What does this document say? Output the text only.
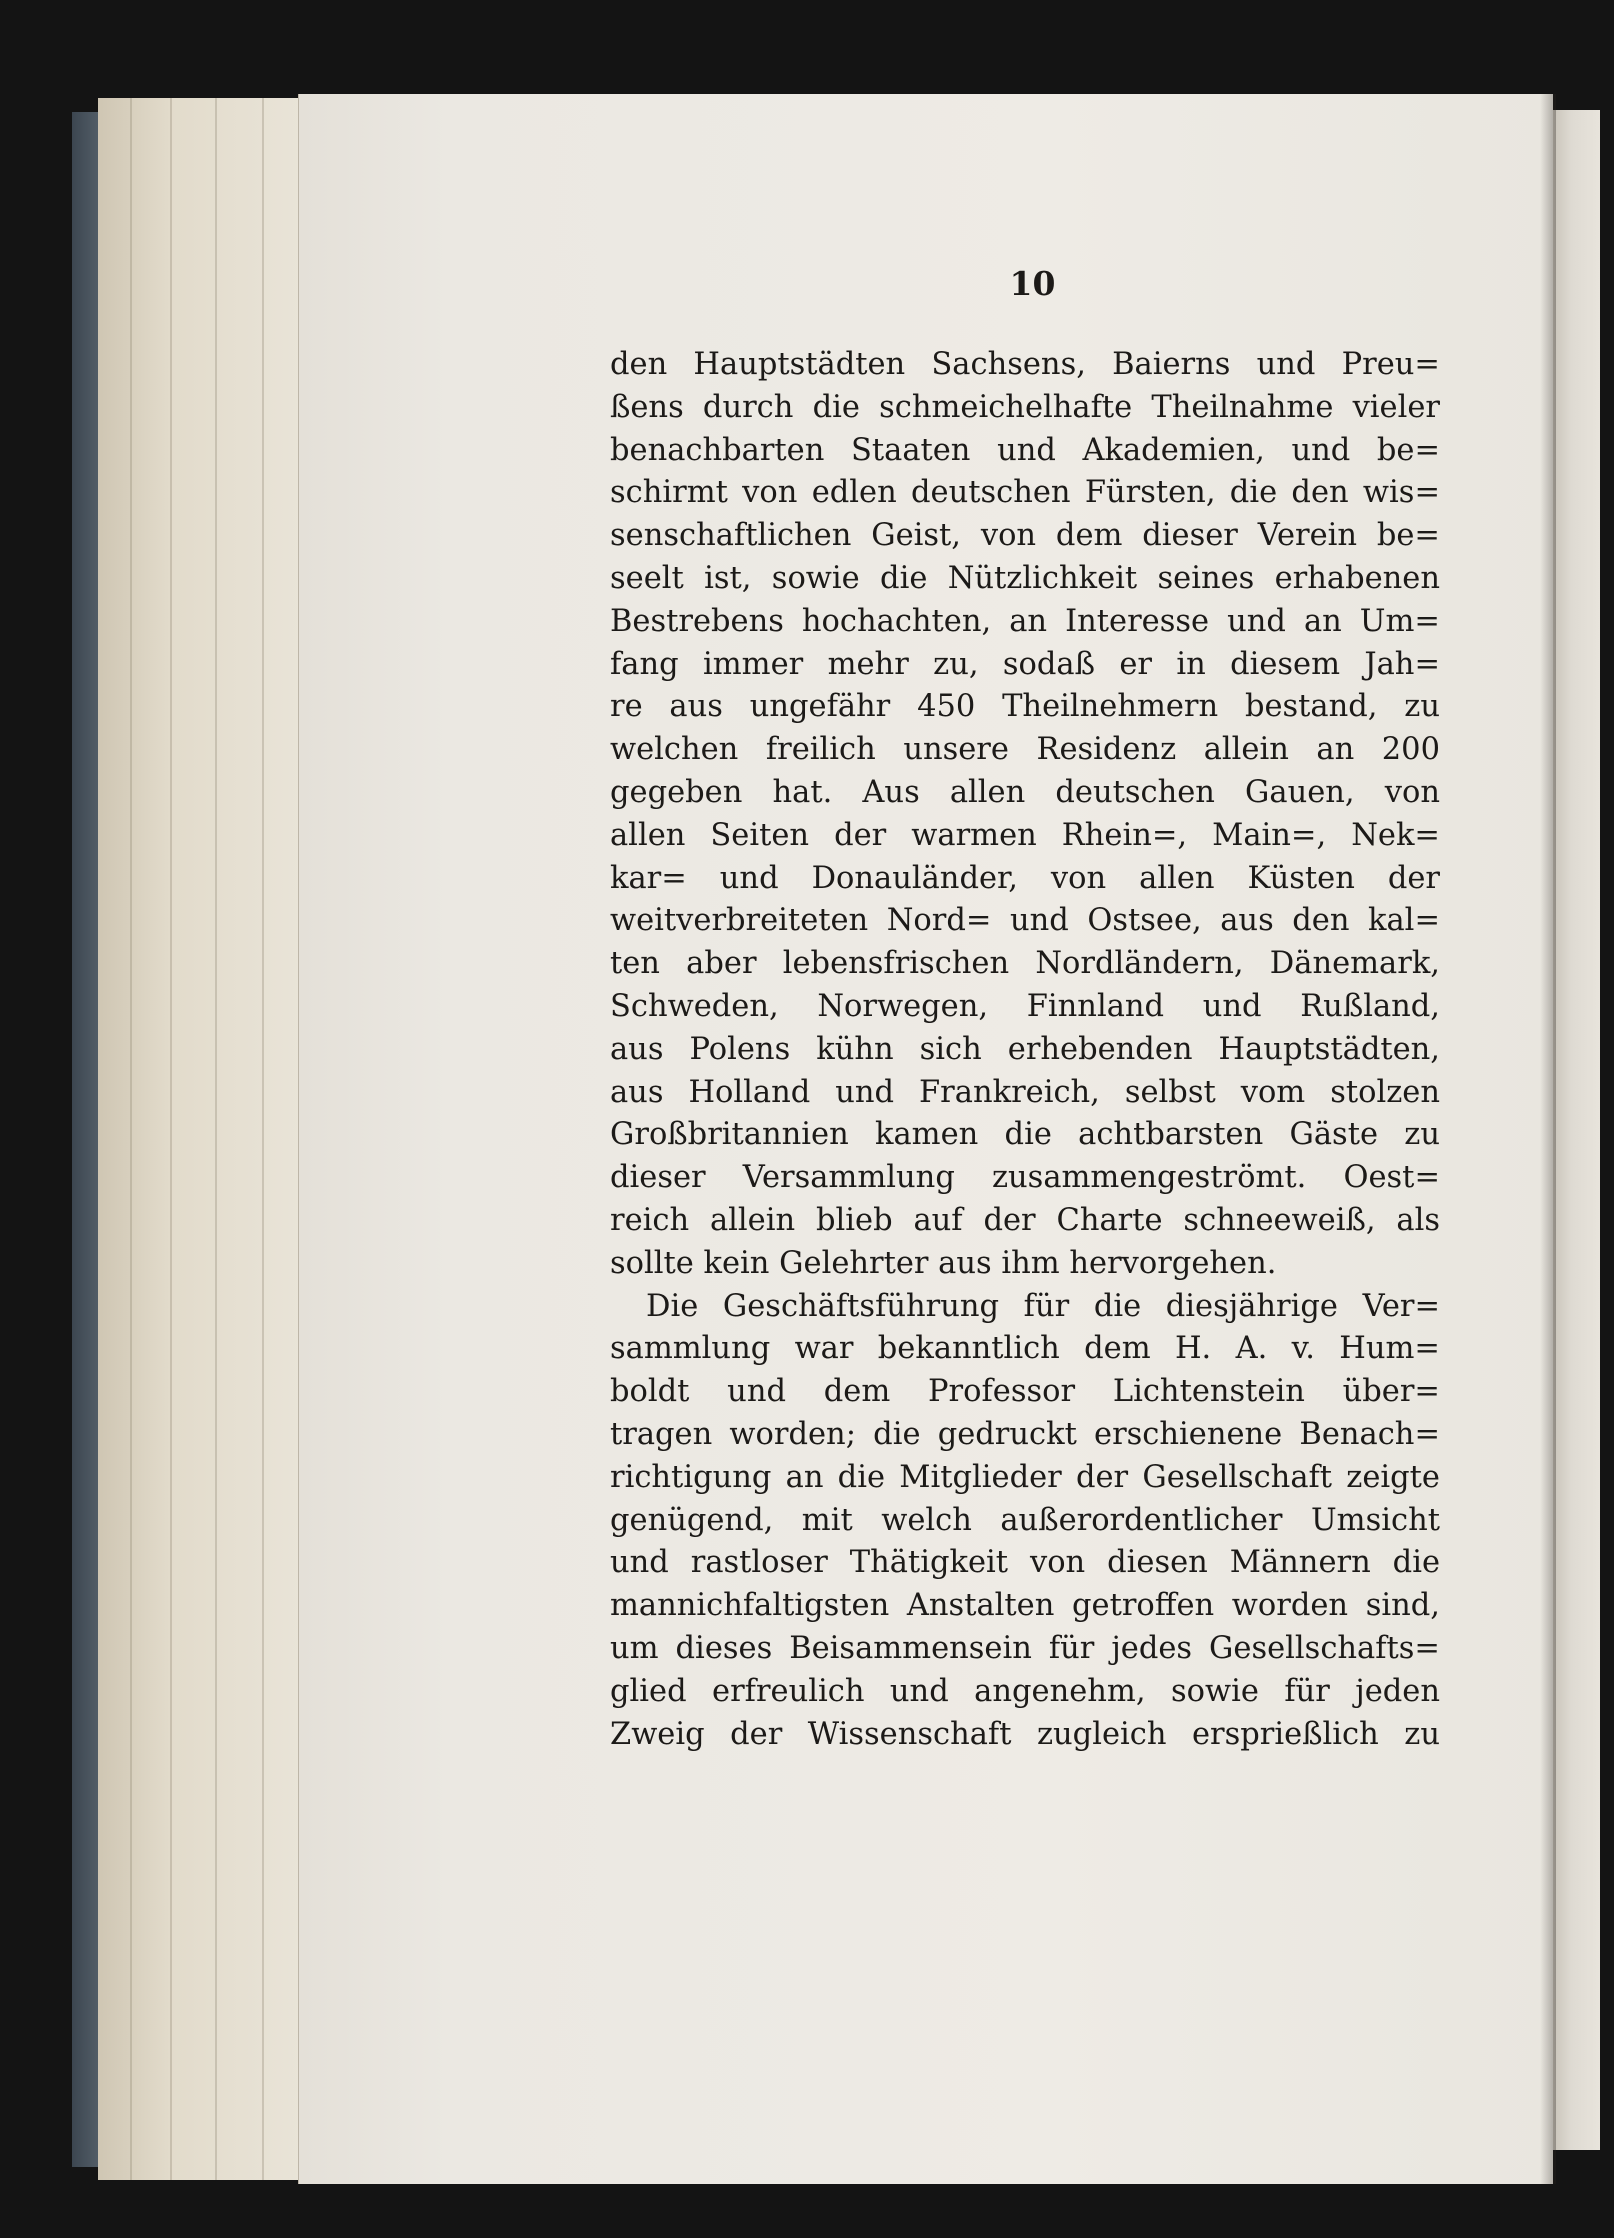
10
den Hauptstädten Sachsens, Baierns und Preu=
ßens durch die schmeichelhafte Theilnahme vieler
benachbarten Staaten und Akademien, und be=
schirmt von edlen deutschen Fürsten, die den wis=
senschaftlichen Geist, von dem dieser Verein be=
seelt ist, sowie die Nützlichkeit seines erhabenen
Bestrebens hochachten, an Interesse und an Um=
fang immer mehr zu, sodaß er in diesem Jah=
re aus ungefähr 450 Theilnehmern bestand, zu
welchen freilich unsere Residenz allein an 200
gegeben hat. Aus allen deutschen Gauen, von
allen Seiten der warmen Rhein=, Main=, Nek=
kar= und Donauländer, von allen Küsten der
weitverbreiteten Nord= und Ostsee, aus den kal=
ten aber lebensfrischen Nordländern, Dänemark,
Schweden, Norwegen, Finnland und Rußland,
aus Polens kühn sich erhebenden Hauptstädten,
aus Holland und Frankreich, selbst vom stolzen
Großbritannien kamen die achtbarsten Gäste zu
dieser Versammlung zusammengeströmt. Oest=
reich allein blieb auf der Charte schneeweiß, als
sollte kein Gelehrter aus ihm hervorgehen.
Die Geschäftsführung für die diesjährige Ver=
sammlung war bekanntlich dem H. A. v. Hum=
boldt und dem Professor Lichtenstein über=
tragen worden; die gedruckt erschienene Benach=
richtigung an die Mitglieder der Gesellschaft zeigte
genügend, mit welch außerordentlicher Umsicht
und rastloser Thätigkeit von diesen Männern die
mannichfaltigsten Anstalten getroffen worden sind,
um dieses Beisammensein für jedes Gesellschafts=
glied erfreulich und angenehm, sowie für jeden
Zweig der Wissenschaft zugleich ersprießlich zu
